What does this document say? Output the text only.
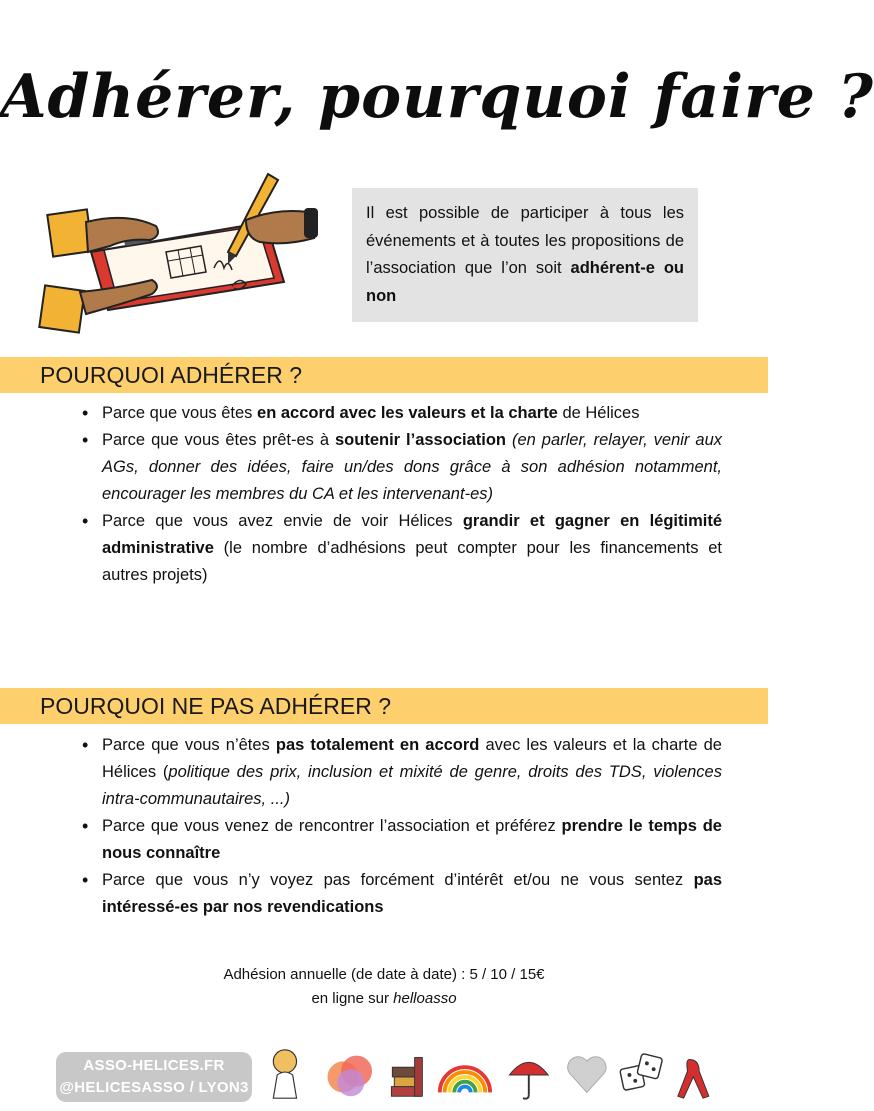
Adhérer, pourquoi faire ?
Il est possible de participer à tous les événements et à toutes les propositions de l’association que l’on soit adhérent-e ou non
POURQUOI ADHÉRER ?
• Parce que vous êtes en accord avec les valeurs et la charte de Hélices
• Parce que vous êtes prêt-es à soutenir l’association (en parler, relayer, venir aux AGs, donner des idées, faire un/des dons grâce à son adhésion notamment, encourager les membres du CA et les intervenant-es)
• Parce que vous avez envie de voir Hélices grandir et gagner en légitimité administrative (le nombre d’adhésions peut compter pour les financements et autres projets)
POURQUOI NE PAS ADHÉRER ?
• Parce que vous n’êtes pas totalement en accord avec les valeurs et la charte de Hélices (politique des prix, inclusion et mixité de genre, droits des TDS, violences intra-communautaires, ...)
• Parce que vous venez de rencontrer l’association et préférez prendre le temps de nous connaître
• Parce que vous n’y voyez pas forcément d’intérêt et/ou ne vous sentez pas intéressé-es par nos revendications
Adhésion annuelle (de date à date) : 5 / 10 / 15€
en ligne sur helloasso
ASSO-HELICES.FR
@HELICESASSO / LYON3
